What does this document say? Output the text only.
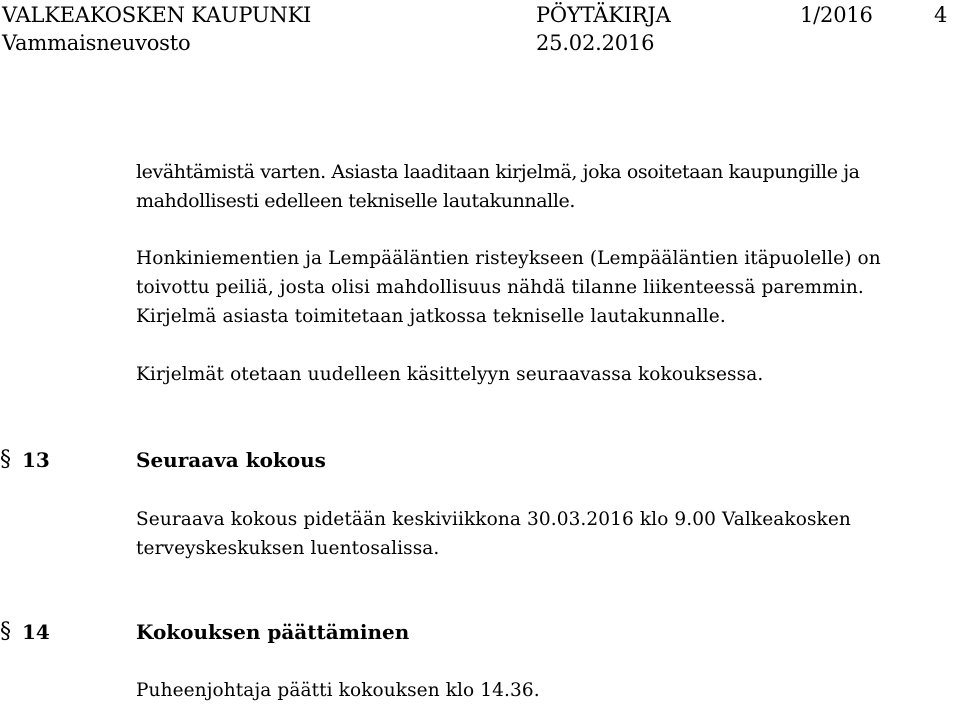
VALKEAKOSKEN KAUPUNKI
Vammaisneuvosto
PÖYTÄKIRJA
25.02.2016
1/2016	4
levähtämistä varten. Asiasta laaditaan kirjelmä, joka osoitetaan kaupungille ja
mahdollisesti edelleen tekniselle lautakunnalle.
Honkiniementien ja Lempääläntien risteykseen (Lempääläntien itäpuolelle) on
toivottu peiliä, josta olisi mahdollisuus nähdä tilanne liikenteessä paremmin.
Kirjelmä asiasta toimitetaan jatkossa tekniselle lautakunnalle.
Kirjelmät otetaan uudelleen käsittelyyn seuraavassa kokouksessa.
§ 13	Seuraava kokous
Seuraava kokous pidetään keskiviikkona 30.03.2016 klo 9.00 Valkeakosken
terveyskeskuksen luentosalissa.
§ 14	Kokouksen päättäminen
Puheenjohtaja päätti kokouksen klo 14.36.
